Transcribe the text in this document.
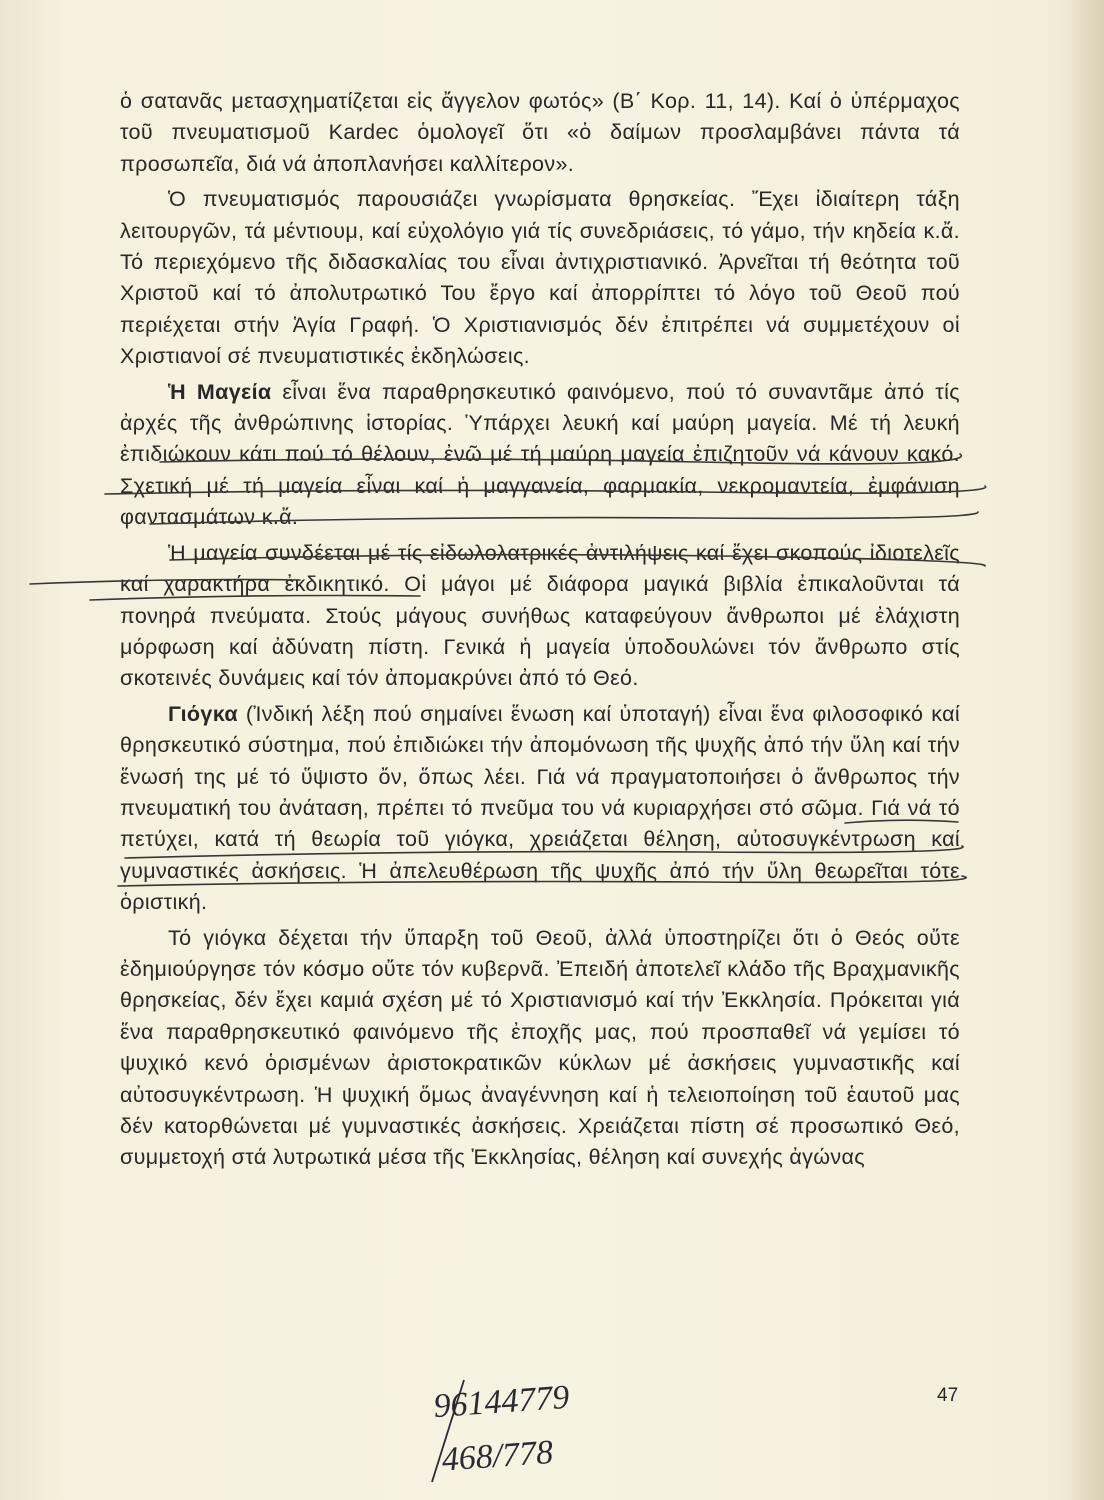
ὁ σατανᾶς μετασχηματίζεται εἰς ἄγγελον φωτός» (Β΄ Κορ. 11, 14). Καί ὁ ὑπέρμαχος τοῦ πνευματισμοῦ Kardec ὁμολογεῖ ὅτι «ὁ δαίμων προσλαμβάνει πάντα τά προσωπεῖα, διά νά ἀποπλανήσει καλλίτερον».

Ὁ πνευματισμός παρουσιάζει γνωρίσματα θρησκείας. Ἔχει ἰδιαίτερη τάξη λειτουργῶν, τά μέντιουμ, καί εὐχολόγιο γιά τίς συνεδριάσεις, τό γάμο, τήν κηδεία κ.ἄ. Τό περιεχόμενο τῆς διδασκαλίας του εἶναι ἀντιχριστιανικό. Ἀρνεῖται τή θεότητα τοῦ Χριστοῦ καί τό ἀπολυτρωτικό Του ἔργο καί ἀπορρίπτει τό λόγο τοῦ Θεοῦ πού περιέχεται στήν Ἁγία Γραφή. Ὁ Χριστιανισμός δέν ἐπιτρέπει νά συμμετέχουν οἱ Χριστιανοί σέ πνευματιστικές ἐκδηλώσεις.

Ἡ Μαγεία εἶναι ἕνα παραθρησκευτικό φαινόμενο, πού τό συναντᾶμε ἀπό τίς ἀρχές τῆς ἀνθρώπινης ἱστορίας. Ὑπάρχει λευκή καί μαύρη μαγεία. Μέ τή λευκή ἐπιδιώκουν κάτι πού τό θέλουν, ἐνῶ μέ τή μαύρη μαγεία ἐπιζητοῦν νά κάνουν κακό. Σχετική μέ τή μαγεία εἶναι καί ἡ μαγγανεία, φαρμακία, νεκρομαντεία, ἐμφάνιση φαντασμάτων κ.ἄ.

Ἡ μαγεία συνδέεται μέ τίς εἰδωλολατρικές ἀντιλήψεις καί ἔχει σκοπούς ἰδιοτελεῖς καί χαρακτήρα ἐκδικητικό. Οἱ μάγοι μέ διάφορα μαγικά βιβλία ἐπικαλοῦνται τά πονηρά πνεύματα. Στούς μάγους συνήθως καταφεύγουν ἄνθρωποι μέ ἐλάχιστη μόρφωση καί ἀδύνατη πίστη. Γενικά ἡ μαγεία ὑποδουλώνει τόν ἄνθρωπο στίς σκοτεινές δυνάμεις καί τόν ἀπομακρύνει ἀπό τό Θεό.

Γιόγκα (Ἰνδική λέξη πού σημαίνει ἕνωση καί ὑποταγή) εἶναι ἕνα φιλοσοφικό καί θρησκευτικό σύστημα, πού ἐπιδιώκει τήν ἀπομόνωση τῆς ψυχῆς ἀπό τήν ὕλη καί τήν ἕνωσή της μέ τό ὕψιστο ὄν, ὅπως λέει. Γιά νά πραγματοποιήσει ὁ ἄνθρωπος τήν πνευματική του ἀνάταση, πρέπει τό πνεῦμα του νά κυριαρχήσει στό σῶμα. Γιά νά τό πετύχει, κατά τή θεωρία τοῦ γιόγκα, χρειάζεται θέληση, αὐτοσυγκέντρωση καί γυμναστικές ἀσκήσεις. Ἡ ἀπελευθέρωση τῆς ψυχῆς ἀπό τήν ὕλη θεωρεῖται τότε ὁριστική.

Τό γιόγκα δέχεται τήν ὕπαρξη τοῦ Θεοῦ, ἀλλά ὑποστηρίζει ὅτι ὁ Θεός οὔτε ἐδημιούργησε τόν κόσμο οὔτε τόν κυβερνᾶ. Ἐπειδή ἀποτελεῖ κλάδο τῆς Βραχμανικῆς θρησκείας, δέν ἔχει καμιά σχέση μέ τό Χριστιανισμό καί τήν Ἐκκλησία. Πρόκειται γιά ἕνα παραθρησκευτικό φαινόμενο τῆς ἐποχῆς μας, πού προσπαθεῖ νά γεμίσει τό ψυχικό κενό ὁρισμένων ἀριστοκρατικῶν κύκλων μέ ἀσκήσεις γυμναστικῆς καί αὐτοσυγκέντρωση. Ἡ ψυχική ὅμως ἀναγέννηση καί ἡ τελειοποίηση τοῦ ἑαυτοῦ μας δέν κατορθώνεται μέ γυμναστικές ἀσκήσεις. Χρειάζεται πίστη σέ προσωπικό Θεό, συμμετοχή στά λυτρωτικά μέσα τῆς Ἐκκλησίας, θέληση καί συνεχής ἀγώνας

47
96144779
468/778
